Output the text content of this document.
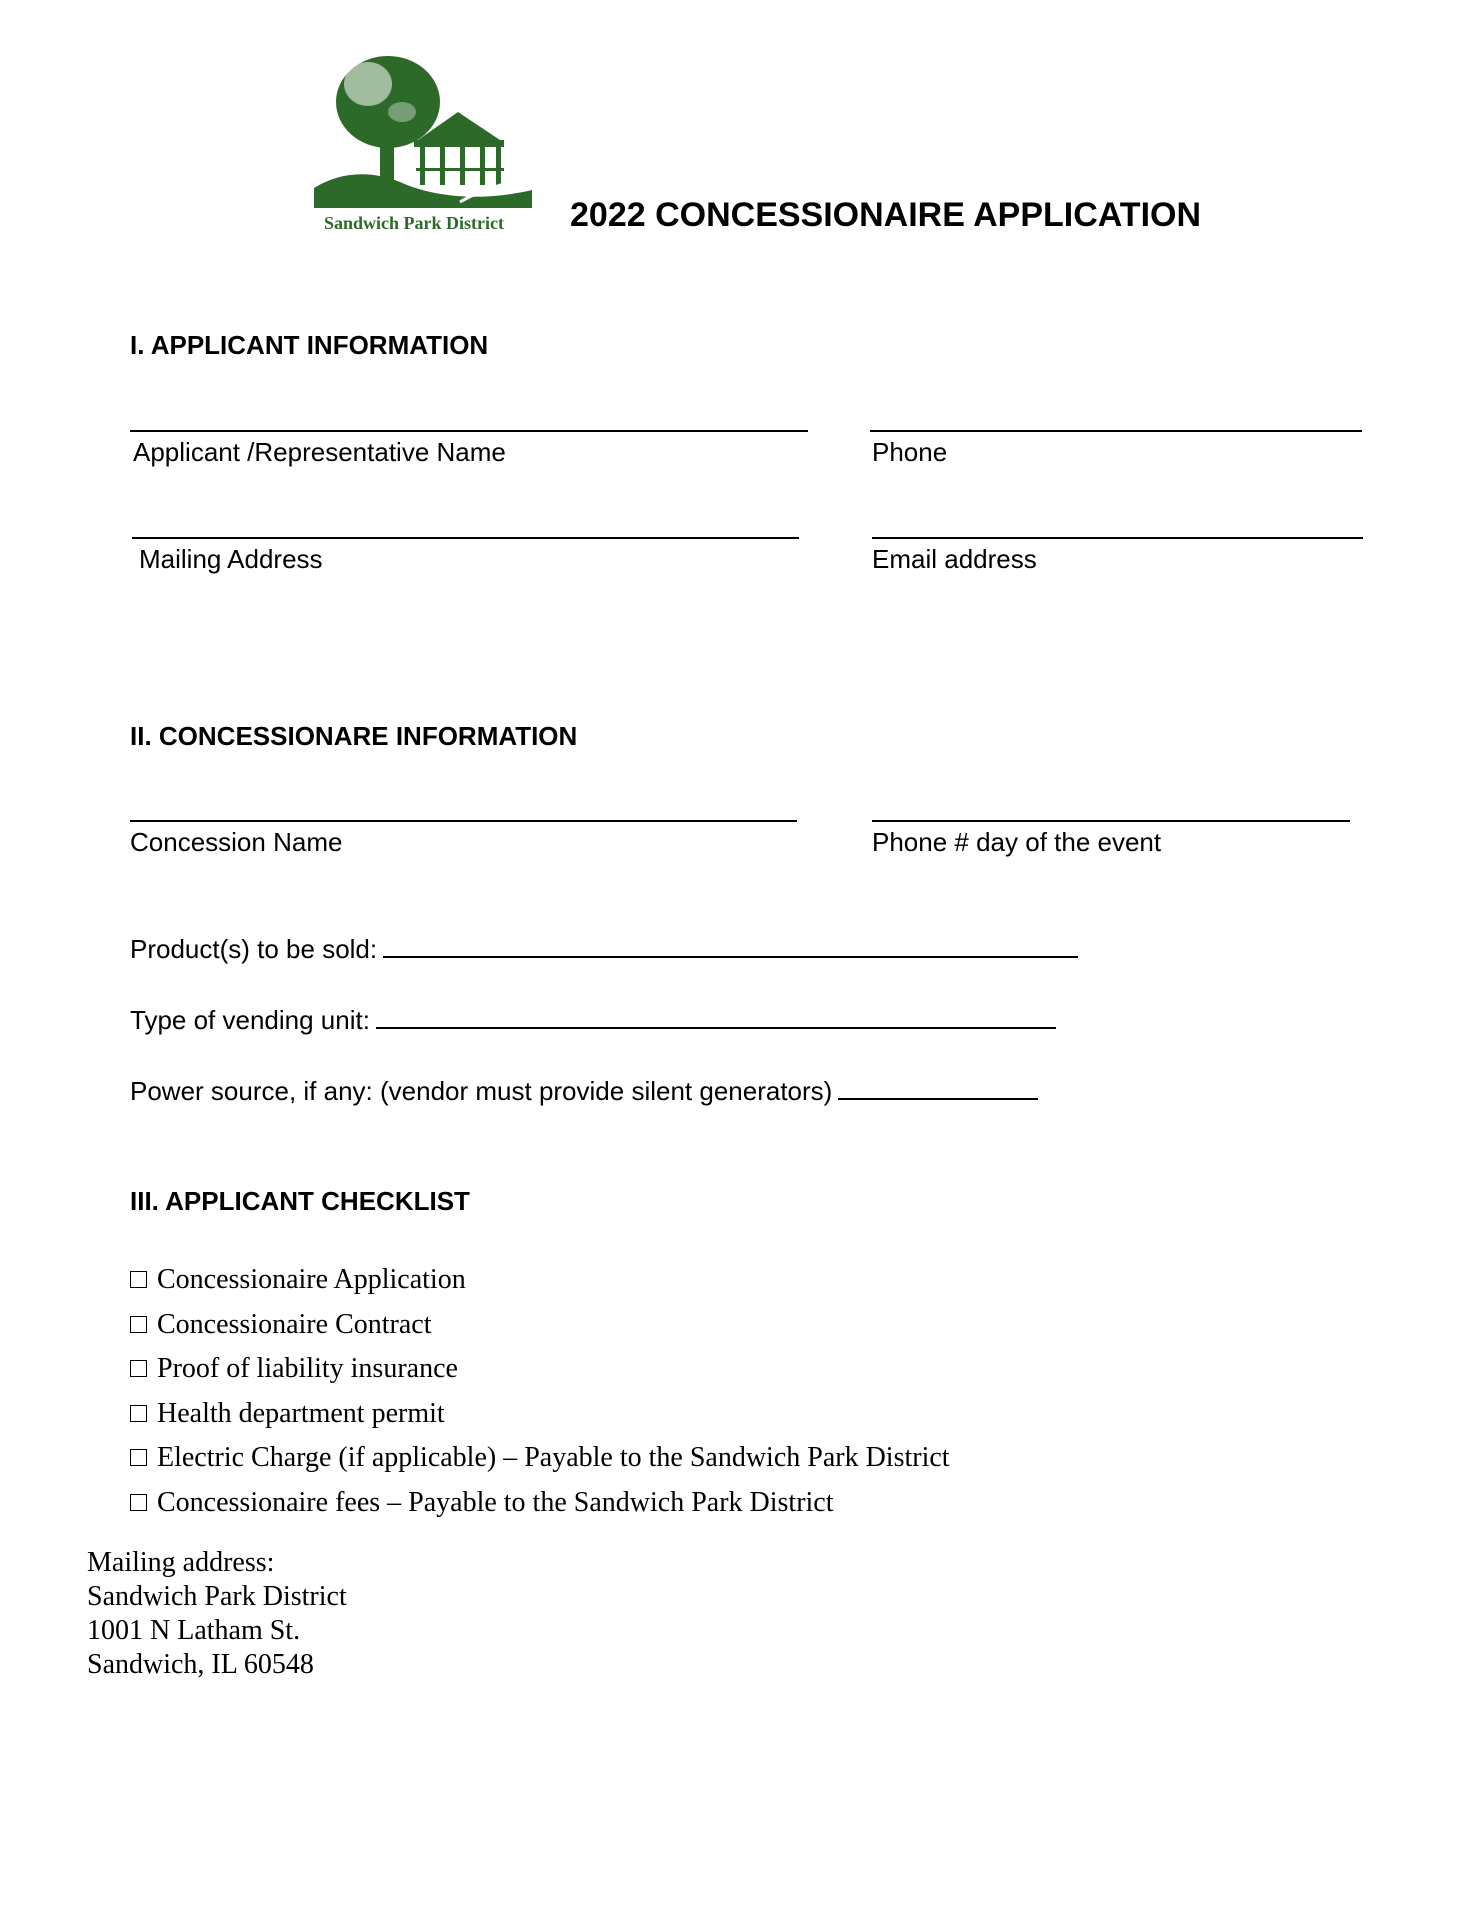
Sandwich Park District 2022 CONCESSIONAIRE APPLICATION
I. APPLICANT INFORMATION
Applicant /Representative Name	Phone
Mailing Address	Email address
II. CONCESSIONARE INFORMATION
Concession Name	Phone # day of the event
Product(s) to be sold:
Type of vending unit:
Power source, if any: (vendor must provide silent generators)
III. APPLICANT CHECKLIST
Concessionaire Application
Concessionaire Contract
Proof of liability insurance
Health department permit
Electric Charge (if applicable) – Payable to the Sandwich Park District
Concessionaire fees – Payable to the Sandwich Park District
Mailing address:
Sandwich Park District
1001 N Latham St.
Sandwich, IL 60548
